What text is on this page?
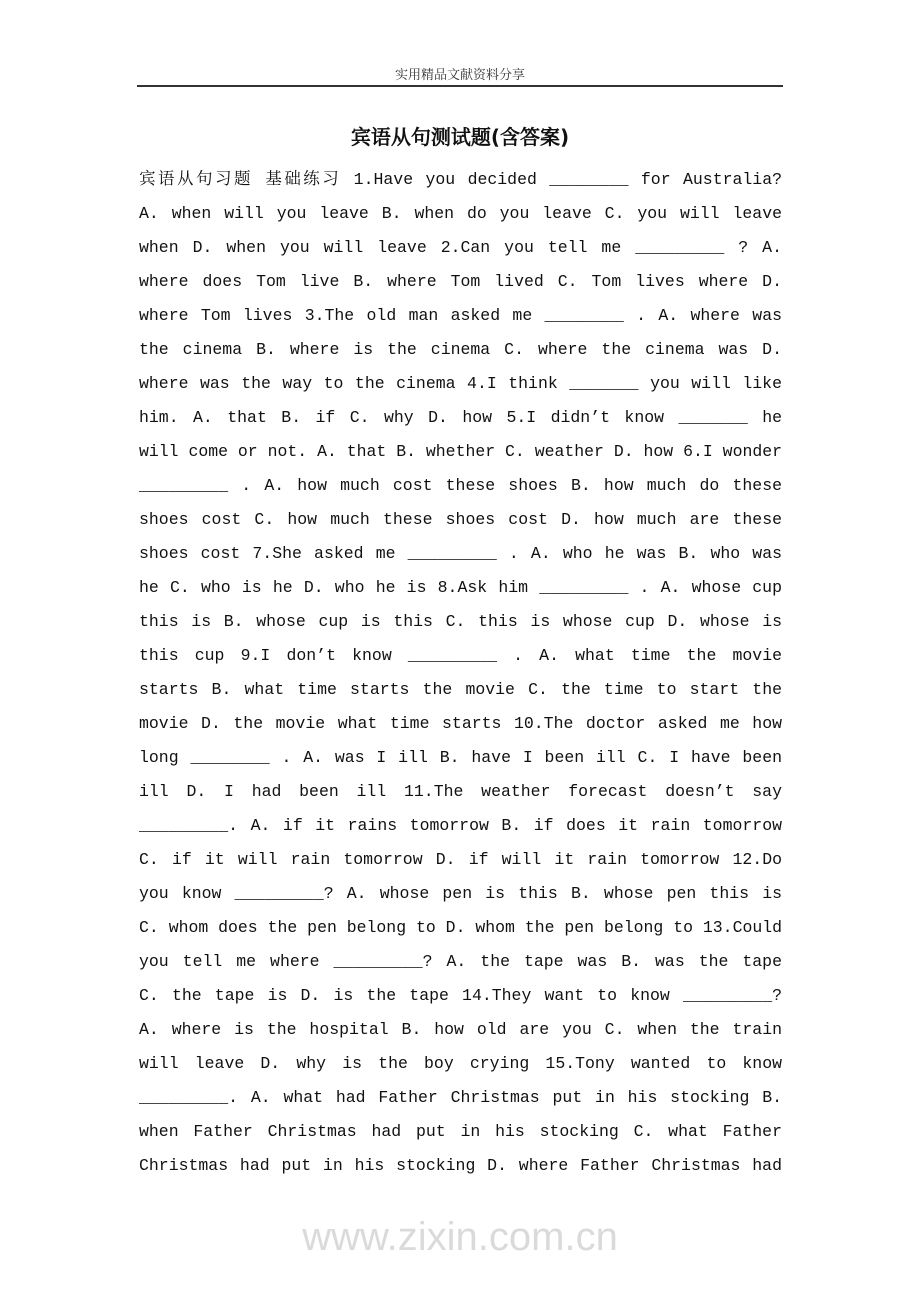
实用精品文献资料分享
宾语从句测试题(含答案)
宾语从句习题 基础练习 1.Have you decided ________ for Australia?
A. when will you leave B. when do you leave C. you will leave
when D. when you will leave 2.Can you tell me _________ ? A.
where does Tom live B. where Tom lived C. Tom lives where D.
where Tom lives 3.The old man asked me ________ . A. where was
the cinema B. where is the cinema C. where the cinema was D.
where was the way to the cinema 4.I think _______ you will like
him. A. that B. if C. why D. how 5.I didn’t know _______ he
will come or not. A. that B. whether C. weather D. how 6.I wonder
_________ . A. how much cost these shoes B. how much do these
shoes cost C. how much these shoes cost D. how much are these
shoes cost 7.She asked me _________ . A. who he was B. who was
he C. who is he D. who he is 8.Ask him _________ . A. whose cup
this is B. whose cup is this C. this is whose cup D. whose is
this cup 9.I don’t know _________ . A. what time the movie
starts B. what time starts the movie C. the time to start the
movie D. the movie what time starts 10.The doctor asked me how
long ________ . A. was I ill B. have I been ill C. I have been
ill D. I had been ill 11.The weather forecast doesn’t say
_________. A. if it rains tomorrow B. if does it rain tomorrow
C. if it will rain tomorrow D. if will it rain tomorrow 12.Do
you know _________? A. whose pen is this B. whose pen this is
C. whom does the pen belong to D. whom the pen belong to 13.Could
you tell me where _________? A. the tape was B. was the tape
C. the tape is D. is the tape 14.They want to know _________?
A. where is the hospital B. how old are you C. when the train
will leave D. why is the boy crying 15.Tony wanted to know
_________. A. what had Father Christmas put in his stocking B.
when Father Christmas had put in his stocking C. what Father
Christmas had put in his stocking D. where Father Christmas had
www.zixin.com.cn
